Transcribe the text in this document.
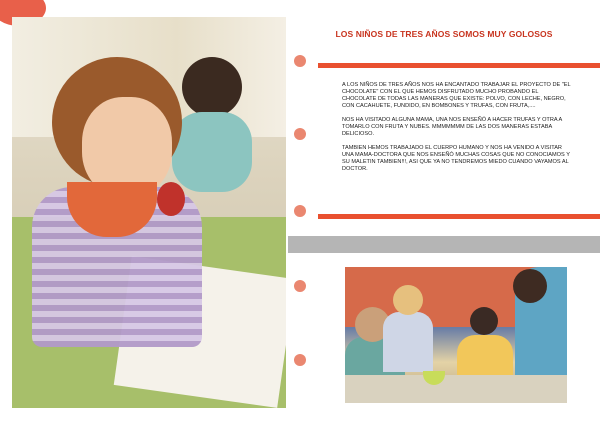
LOS NIÑOS DE TRES AÑOS SOMOS MUY GOLOSOS

A LOS NIÑOS DE TRES AÑOS NOS HA ENCANTADO TRABAJAR EL PROYECTO DE "EL CHOCOLATE" CON EL QUE HEMOS DISFRUTADO MUCHO PROBANDO EL CHOCOLATE DE TODAS LAS MANERAS QUE EXISTE: POLVO, CON LECHE, NEGRO, CON CACAHUETE, FUNDIDO, EN BOMBONES Y TRUFAS, CON FRUTA,....

NOS HA VISITADO ALGUNA MAMA, UNA NOS ENSEÑÓ A HACER TRUFAS Y OTRA A TOMARLO CON FRUTA Y NUBES. MMMMMMM DE LAS DOS MANERAS ESTABA DELICIOSO.

TAMBIEN HEMOS TRABAJADO EL CUERPO HUMANO Y NOS HA VENIDO A VISITAR UNA MAMA-DOCTORA QUE NOS ENSEÑÓ MUCHAS COSAS QUE NO CONOCIAMOS Y SU MALETIN TAMBIEN!!!, ASI QUE YA NO TENDREMOS MIEDO CUANDO VAYAMOS AL DOCTOR.
